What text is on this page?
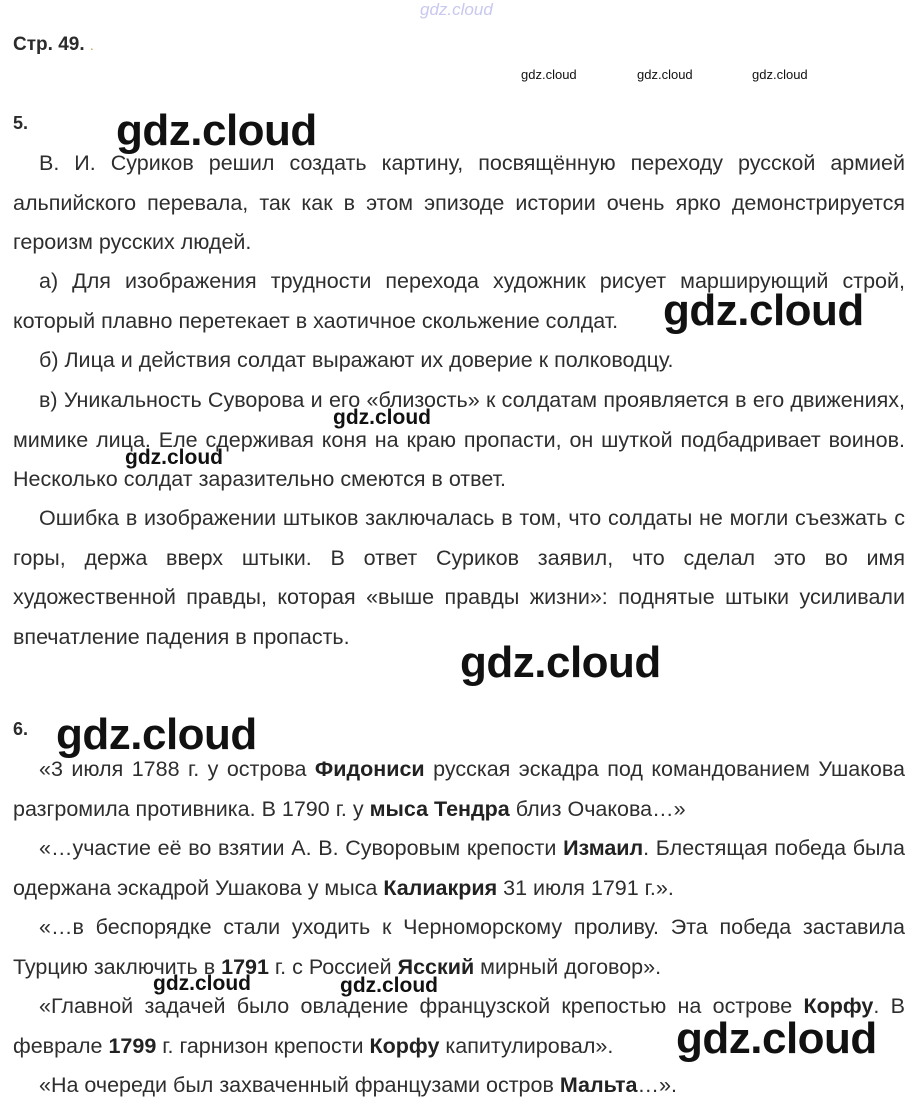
gdz.cloud
Стр. 49. .
gdz.cloud	gdz.cloud	gdz.cloud
5.

В. И. Суриков решил создать картину, посвящённую переходу русской армией альпийского перевала, так как в этом эпизоде истории очень ярко демонстрируется героизм русских людей.

а) Для изображения трудности перехода художник рисует марширующий строй, который плавно перетекает в хаотичное скольжение солдат.

б) Лица и действия солдат выражают их доверие к полководцу.

в) Уникальность Суворова и его «близость» к солдатам проявляется в его движениях, мимике лица. Еле сдерживая коня на краю пропасти, он шуткой подбадривает воинов. Несколько солдат заразительно смеются в ответ.

Ошибка в изображении штыков заключалась в том, что солдаты не могли съезжать с горы, держа вверх штыки. В ответ Суриков заявил, что сделал это во имя художественной правды, которая «выше правды жизни»: поднятые штыки усиливали впечатление падения в пропасть.

6.

«3 июля 1788 г. у острова Фидониси русская эскадра под командованием Ушакова разгромила противника. В 1790 г. у мыса Тендра близ Очакова…»

«…участие её во взятии А. В. Суворовым крепости Измаил. Блестящая победа была одержана эскадрой Ушакова у мыса Калиакрия 31 июля 1791 г.».

«…в беспорядке стали уходить к Черноморскому проливу. Эта победа заставила Турцию заключить в 1791 г. с Россией Ясский мирный договор».

«Главной задачей было овладение французской крепостью на острове Корфу. В феврале 1799 г. гарнизон крепости Корфу капитулировал».

«На очереди был захваченный французами остров Мальта…».

gdz.cloud
gdz.cloud
gdz.cloud
gdz.cloud
gdz.cloud
gdz.cloud
gdz.cloud	gdz.cloud
gdz.cloud
